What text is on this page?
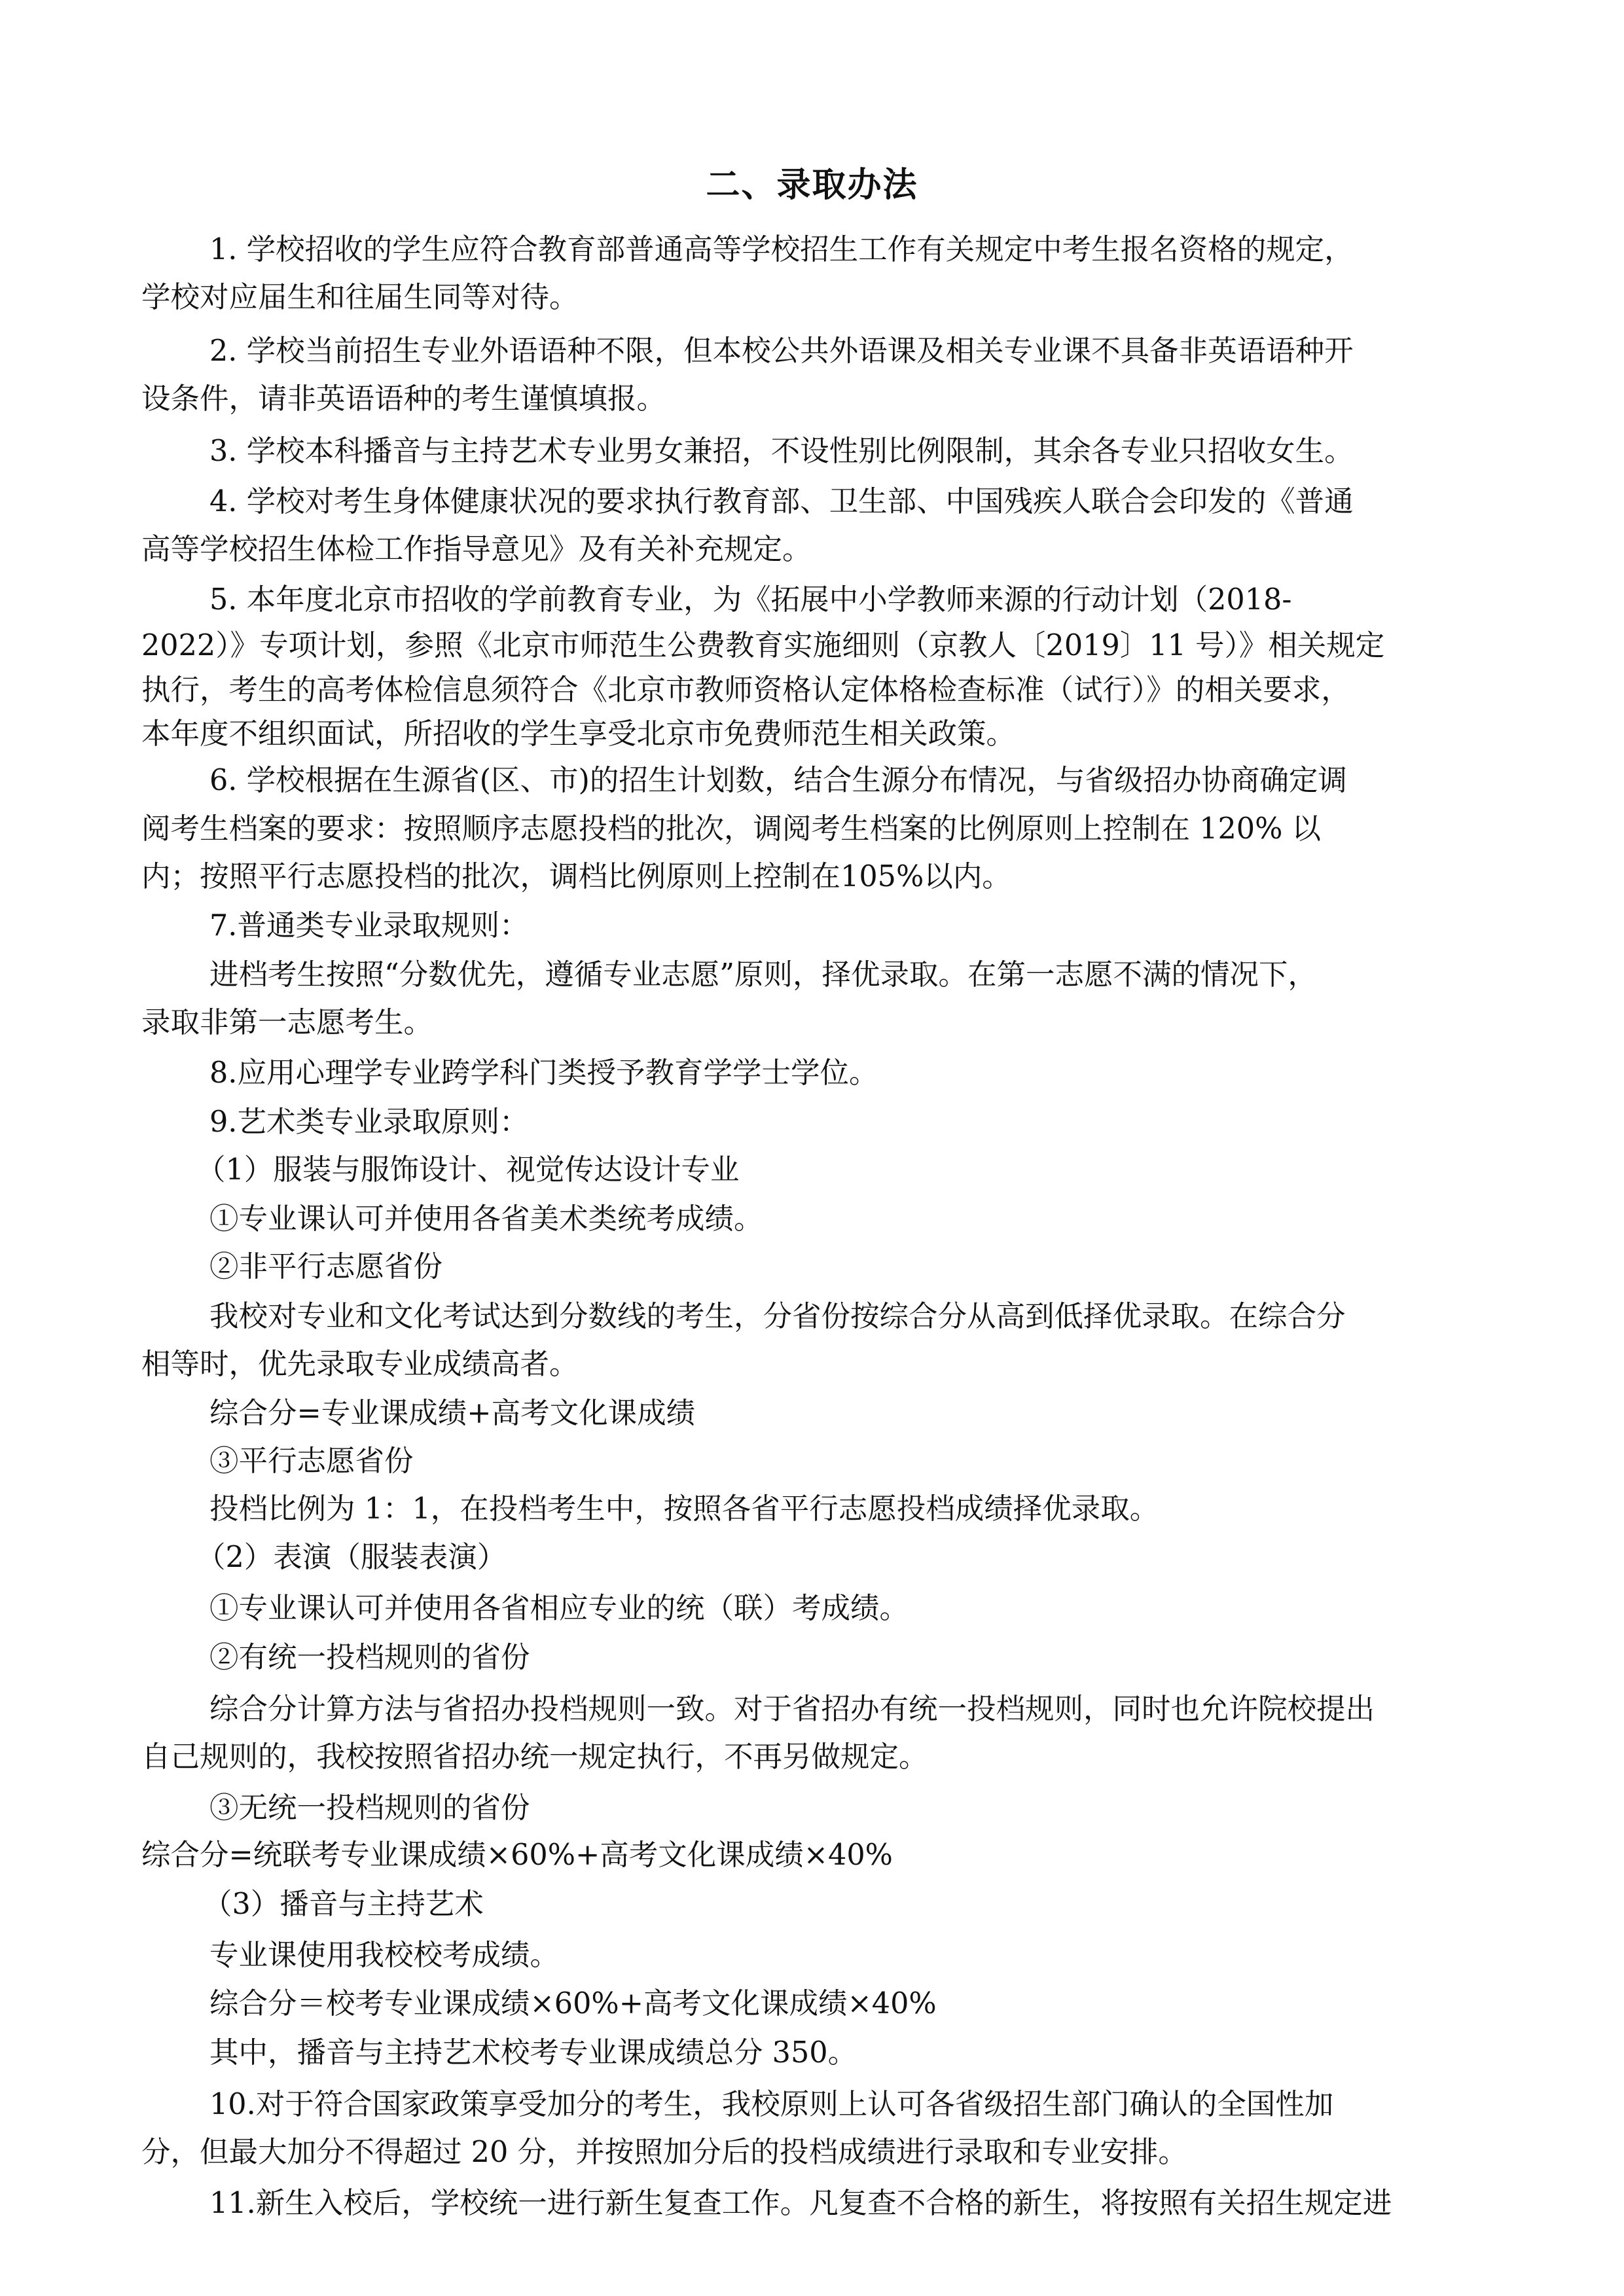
二、录取办法
1. 学校招收的学生应符合教育部普通高等学校招生工作有关规定中考生报名资格的规定，
学校对应届生和往届生同等对待。
2. 学校当前招生专业外语语种不限，但本校公共外语课及相关专业课不具备非英语语种开
设条件，请非英语语种的考生谨慎填报。
3. 学校本科播音与主持艺术专业男女兼招，不设性别比例限制，其余各专业只招收女生。
4. 学校对考生身体健康状况的要求执行教育部、卫生部、中国残疾人联合会印发的《普通
高等学校招生体检工作指导意见》及有关补充规定。
5. 本年度北京市招收的学前教育专业，为《拓展中小学教师来源的行动计划（2018-
2022）》专项计划，参照《北京市师范生公费教育实施细则（京教人〔2019〕11 号）》相关规定
执行，考生的高考体检信息须符合《北京市教师资格认定体格检查标准（试行）》的相关要求，
本年度不组织面试，所招收的学生享受北京市免费师范生相关政策。
6. 学校根据在生源省(区、市)的招生计划数，结合生源分布情况，与省级招办协商确定调
阅考生档案的要求：按照顺序志愿投档的批次，调阅考生档案的比例原则上控制在 120% 以
内；按照平行志愿投档的批次，调档比例原则上控制在105%以内。
7.普通类专业录取规则：
进档考生按照“分数优先，遵循专业志愿”原则，择优录取。在第一志愿不满的情况下，
录取非第一志愿考生。
8.应用心理学专业跨学科门类授予教育学学士学位。
9.艺术类专业录取原则：
（1）服装与服饰设计、视觉传达设计专业
①专业课认可并使用各省美术类统考成绩。
②非平行志愿省份
我校对专业和文化考试达到分数线的考生，分省份按综合分从高到低择优录取。在综合分
相等时，优先录取专业成绩高者。
综合分=专业课成绩+高考文化课成绩
③平行志愿省份
投档比例为 1：1，在投档考生中，按照各省平行志愿投档成绩择优录取。
（2）表演（服装表演）
①专业课认可并使用各省相应专业的统（联）考成绩。
②有统一投档规则的省份
综合分计算方法与省招办投档规则一致。对于省招办有统一投档规则，同时也允许院校提出
自己规则的，我校按照省招办统一规定执行，不再另做规定。
③无统一投档规则的省份
综合分=统联考专业课成绩×60%+高考文化课成绩×40%
（3）播音与主持艺术
专业课使用我校校考成绩。
综合分＝校考专业课成绩×60%+高考文化课成绩×40%
其中，播音与主持艺术校考专业课成绩总分 350。
10.对于符合国家政策享受加分的考生，我校原则上认可各省级招生部门确认的全国性加
分，但最大加分不得超过 20 分，并按照加分后的投档成绩进行录取和专业安排。
11.新生入校后，学校统一进行新生复查工作。凡复查不合格的新生，将按照有关招生规定进
